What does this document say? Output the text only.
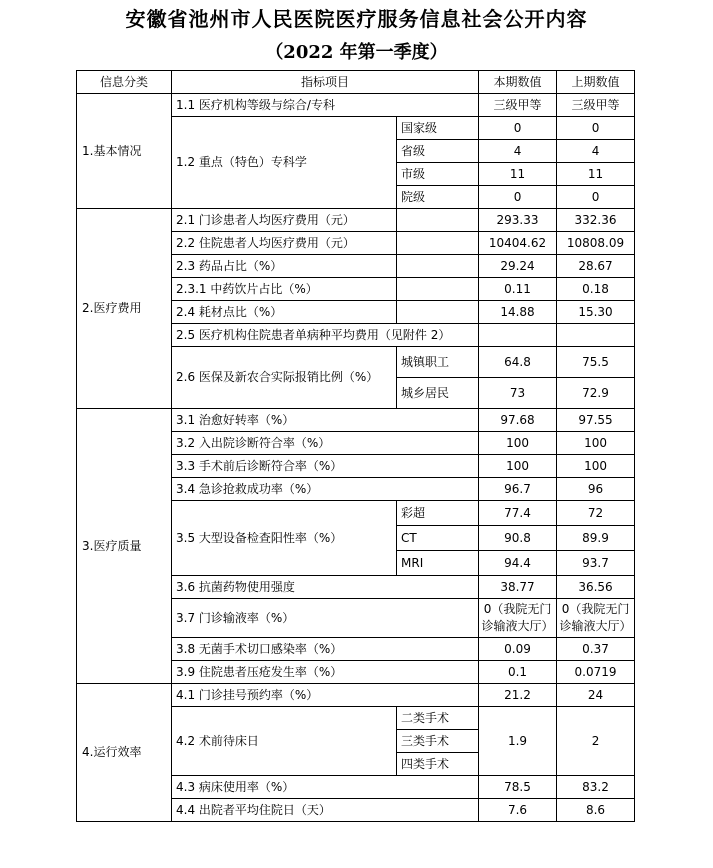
安徽省池州市人民医院医疗服务信息社会公开内容
（2022 年第一季度）
信息分类	指标项目		本期数值	上期数值
1.基本情况	1.1 医疗机构等级与综合/专科		三级甲等	三级甲等
	1.2 重点（特色）专科学	国家级	0	0
		省级	4	4
		市级	11	11
		院级	0	0
2.医疗费用	2.1 门诊患者人均医疗费用（元）		293.33	332.36
	2.2 住院患者人均医疗费用（元）		10404.62	10808.09
	2.3 药品占比（%）		29.24	28.67
	2.3.1 中药饮片占比（%）		0.11	0.18
	2.4 耗材点比（%）		14.88	15.30
	2.5 医疗机构住院患者单病种平均费用（见附件 2）			
	2.6 医保及新农合实际报销比例（%）	城镇职工	64.8	75.5
		城乡居民	73	72.9
3.医疗质量	3.1 治愈好转率（%）		97.68	97.55
	3.2 入出院诊断符合率（%）		100	100
	3.3 手术前后诊断符合率（%）		100	100
	3.4 急诊抢救成功率（%）		96.7	96
	3.5 大型设备检查阳性率（%）	彩超	77.4	72
		CT	90.8	89.9
		MRI	94.4	93.7
	3.6 抗菌药物使用强度		38.77	36.56
	3.7 门诊输液率（%）		0（我院无门诊输液大厅）	0（我院无门诊输液大厅）
	3.8 无菌手术切口感染率（%）		0.09	0.37
	3.9 住院患者压疮发生率（%）		0.1	0.0719
4.运行效率	4.1 门诊挂号预约率（%）		21.2	24
	4.2 术前待床日	二类手术	1.9	2
		三类手术		
		四类手术		
	4.3 病床使用率（%）		78.5	83.2
	4.4 出院者平均住院日（天）		7.6	8.6
